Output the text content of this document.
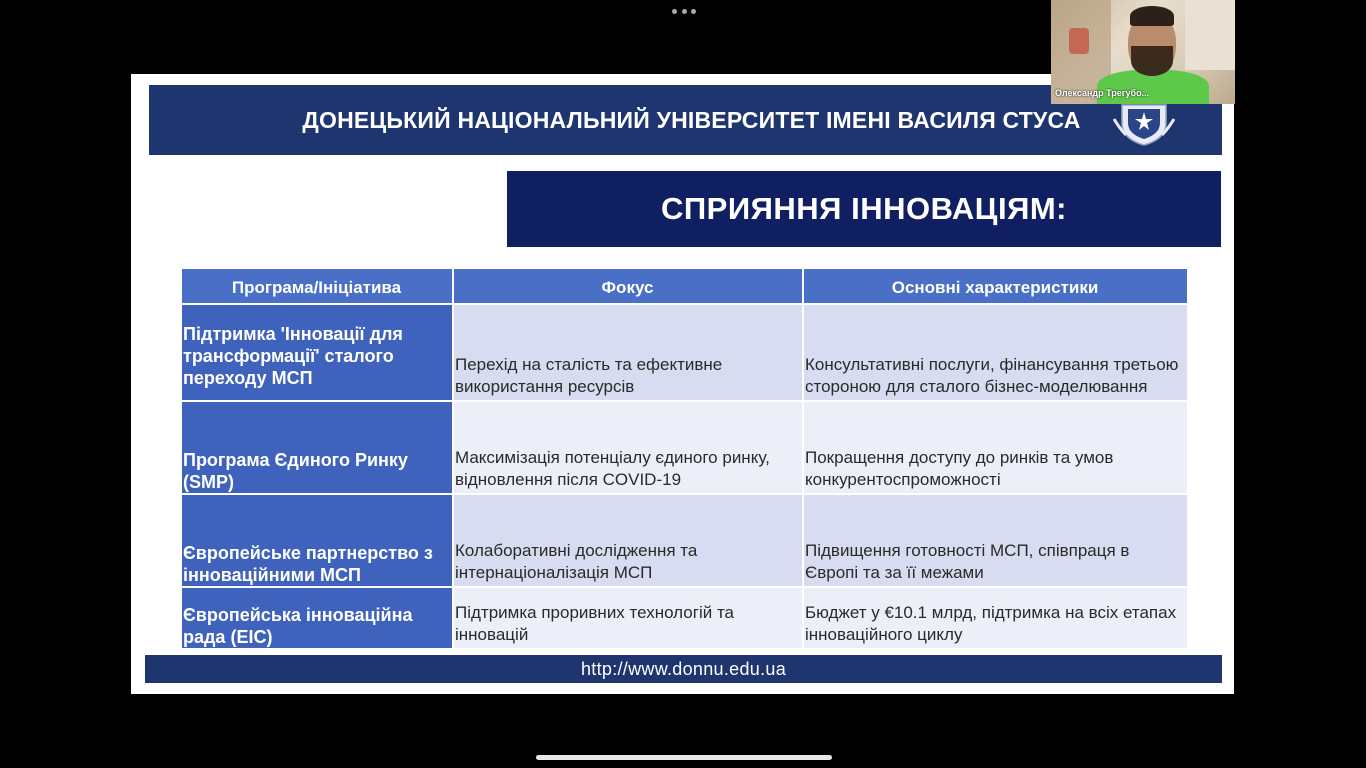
ДОНЕЦЬКИЙ НАЦІОНАЛЬНИЙ УНІВЕРСИТЕТ ІМЕНІ ВАСИЛЯ СТУСА
СПРИЯННЯ ІННОВАЦІЯМ:
Програма/Ініціатива	Фокус	Основні характеристики
Підтримка 'Інновації для трансформації' сталого переходу МСП	Перехід на сталість та ефективне використання ресурсів	Консультативні послуги, фінансування третьою стороною для сталого бізнес-моделювання
Програма Єдиного Ринку (SMP)	Максимізація потенціалу єдиного ринку, відновлення після COVID-19	Покращення доступу до ринків та умов конкурентоспроможності
Європейське партнерство з інноваційними МСП	Колаборативні дослідження та інтернаціоналізація МСП	Підвищення готовності МСП, співпраця в Європі та за її межами
Європейська інноваційна рада (EIC)	Підтримка проривних технологій та інновацій	Бюджет у €10.1 млрд, підтримка на всіх етапах інноваційного циклу
http://www.donnu.edu.ua
Олександр Трегубо...
